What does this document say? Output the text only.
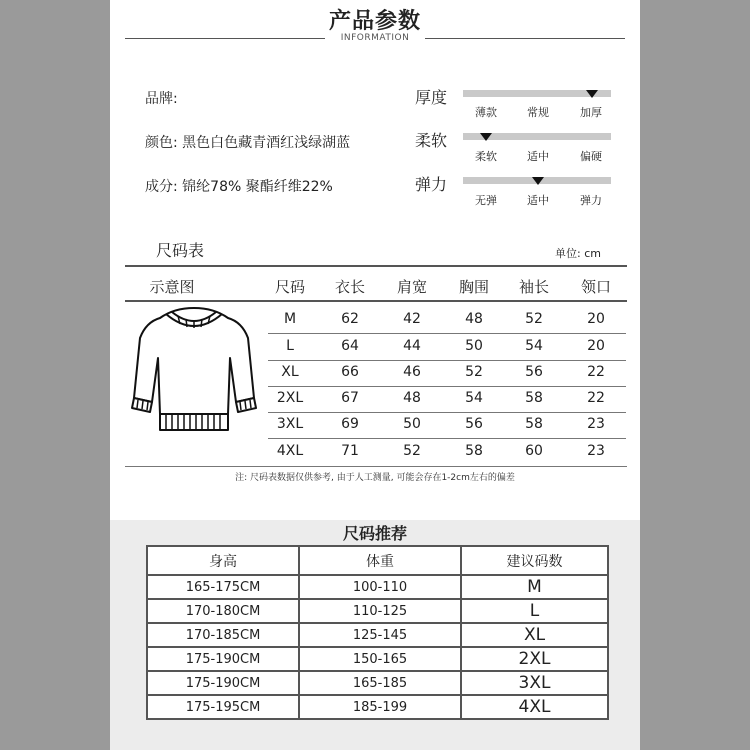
产品参数
INFORMATION
品牌:
颜色: 黑色白色藏青酒红浅绿湖蓝
成分: 锦纶78% 聚酯纤维22%
厚度
薄款	常规	加厚
柔软
柔软	适中	偏硬
弹力
无弹	适中	弹力
尺码表	单位: cm
示意图	尺码	衣长	肩宽	胸围	袖长	领口
M	62	42	48	52	20
L	64	44	50	54	20
XL	66	46	52	56	22
2XL	67	48	54	58	22
3XL	69	50	56	58	23
4XL	71	52	58	60	23
注: 尺码表数据仅供参考, 由于人工测量, 可能会存在1-2cm左右的偏差
尺码推荐
身高	体重	建议码数
165-175CM	100-110	M
170-180CM	110-125	L
170-185CM	125-145	XL
175-190CM	150-165	2XL
175-190CM	165-185	3XL
175-195CM	185-199	4XL
